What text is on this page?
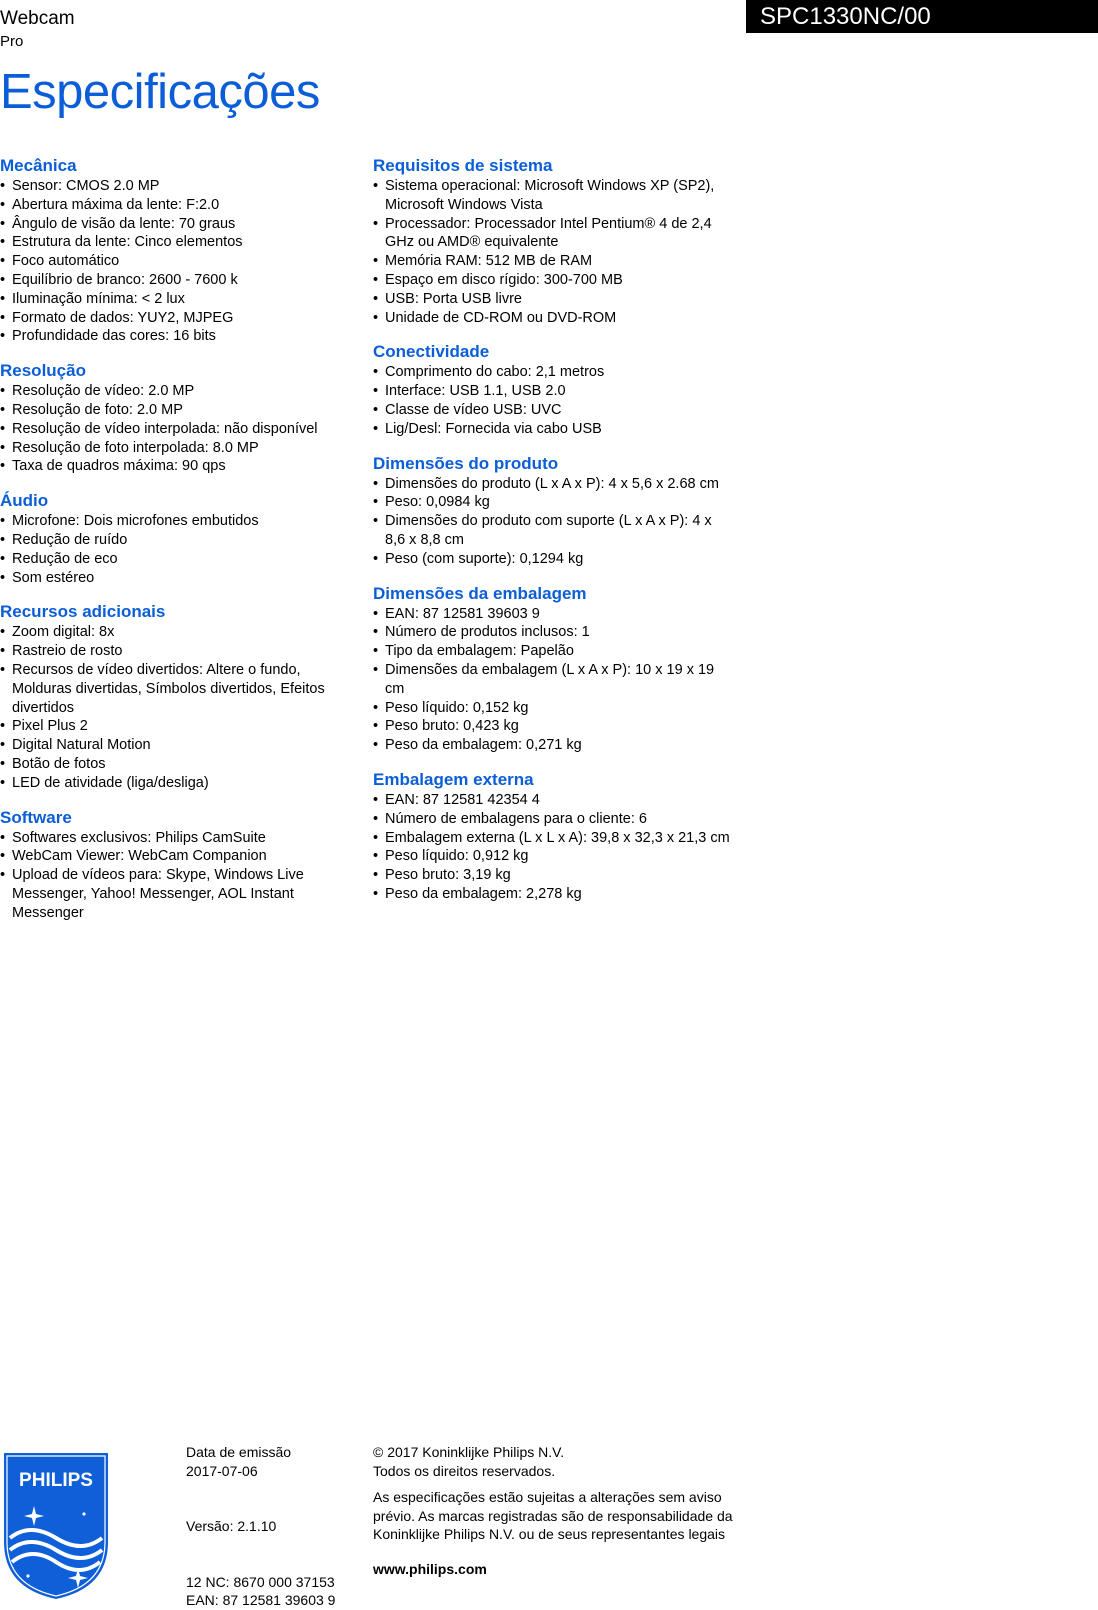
Webcam
Pro
SPC1330NC/00
Especificações
Mecânica
• Sensor: CMOS 2.0 MP
• Abertura máxima da lente: F:2.0
• Ângulo de visão da lente: 70 graus
• Estrutura da lente: Cinco elementos
• Foco automático
• Equilíbrio de branco: 2600 - 7600 k
• Iluminação mínima: < 2 lux
• Formato de dados: YUY2, MJPEG
• Profundidade das cores: 16 bits
Resolução
• Resolução de vídeo: 2.0 MP
• Resolução de foto: 2.0 MP
• Resolução de vídeo interpolada: não disponível
• Resolução de foto interpolada: 8.0 MP
• Taxa de quadros máxima: 90 qps
Áudio
• Microfone: Dois microfones embutidos
• Redução de ruído
• Redução de eco
• Som estéreo
Recursos adicionais
• Zoom digital: 8x
• Rastreio de rosto
• Recursos de vídeo divertidos: Altere o fundo, Molduras divertidas, Símbolos divertidos, Efeitos divertidos
• Pixel Plus 2
• Digital Natural Motion
• Botão de fotos
• LED de atividade (liga/desliga)
Software
• Softwares exclusivos: Philips CamSuite
• WebCam Viewer: WebCam Companion
• Upload de vídeos para: Skype, Windows Live Messenger, Yahoo! Messenger, AOL Instant Messenger
Requisitos de sistema
• Sistema operacional: Microsoft Windows XP (SP2), Microsoft Windows Vista
• Processador: Processador Intel Pentium® 4 de 2,4 GHz ou AMD® equivalente
• Memória RAM: 512 MB de RAM
• Espaço em disco rígido: 300-700 MB
• USB: Porta USB livre
• Unidade de CD-ROM ou DVD-ROM
Conectividade
• Comprimento do cabo: 2,1 metros
• Interface: USB 1.1, USB 2.0
• Classe de vídeo USB: UVC
• Lig/Desl: Fornecida via cabo USB
Dimensões do produto
• Dimensões do produto (L x A x P): 4 x 5,6 x 2.68 cm
• Peso: 0,0984 kg
• Dimensões do produto com suporte (L x A x P): 4 x 8,6 x 8,8 cm
• Peso (com suporte): 0,1294 kg
Dimensões da embalagem
• EAN: 87 12581 39603 9
• Número de produtos inclusos: 1
• Tipo da embalagem: Papelão
• Dimensões da embalagem (L x A x P): 10 x 19 x 19 cm
• Peso líquido: 0,152 kg
• Peso bruto: 0,423 kg
• Peso da embalagem: 0,271 kg
Embalagem externa
• EAN: 87 12581 42354 4
• Número de embalagens para o cliente: 6
• Embalagem externa (L x L x A): 39,8 x 32,3 x 21,3 cm
• Peso líquido: 0,912 kg
• Peso bruto: 3,19 kg
• Peso da embalagem: 2,278 kg
PHILIPS
Data de emissão
2017-07-06
Versão: 2.1.10
12 NC: 8670 000 37153
EAN: 87 12581 39603 9
© 2017 Koninklijke Philips N.V.
Todos os direitos reservados.
As especificações estão sujeitas a alterações sem aviso prévio. As marcas registradas são de responsabilidade da Koninklijke Philips N.V. ou de seus representantes legais
www.philips.com
